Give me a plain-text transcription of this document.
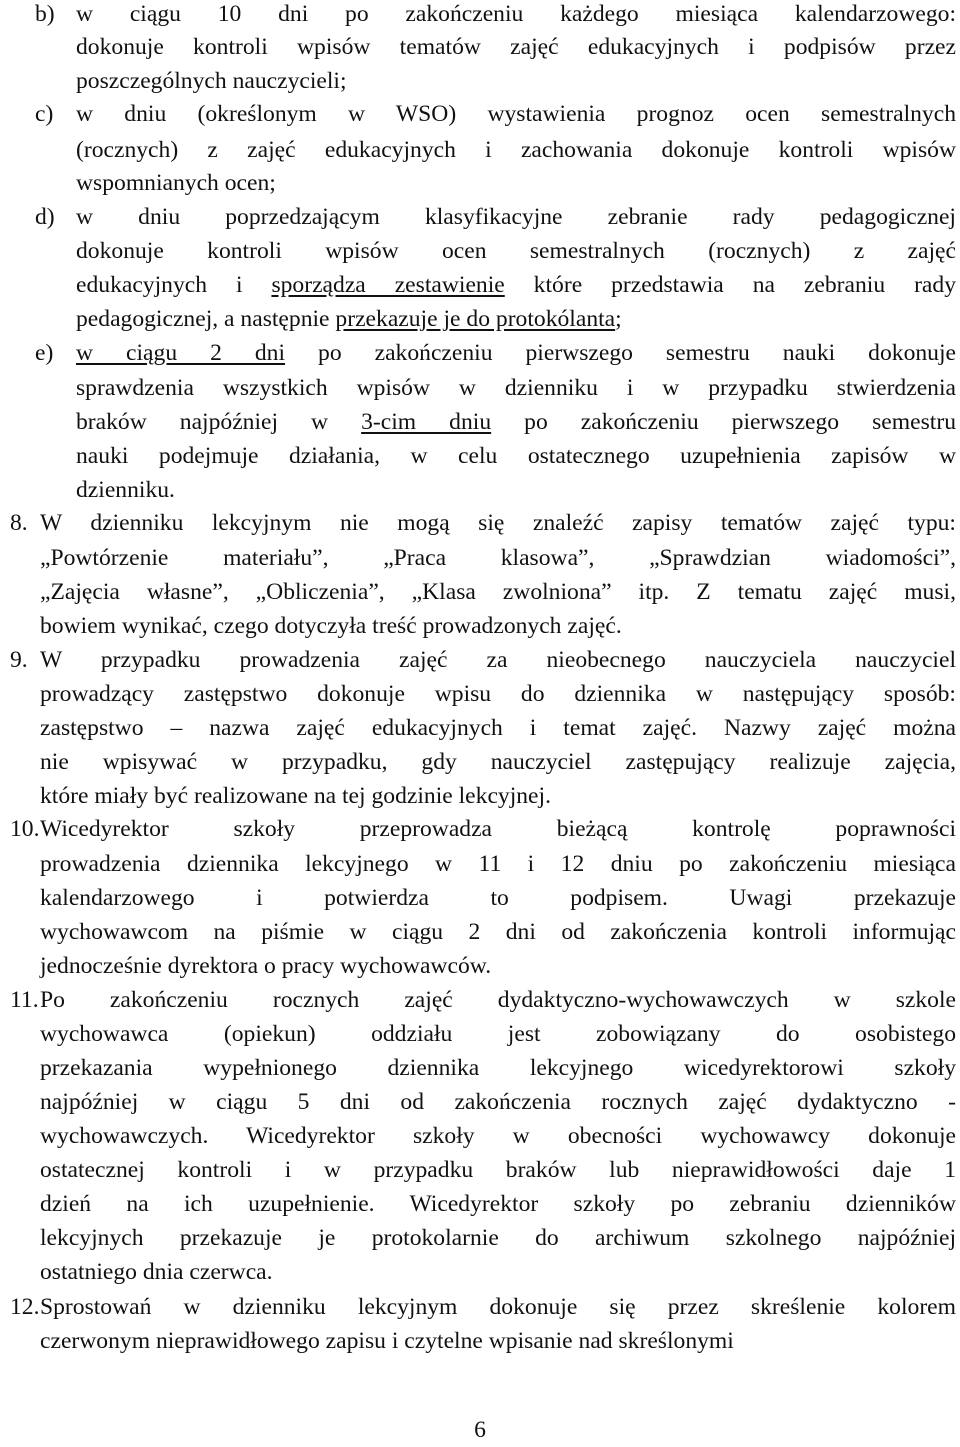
b) w ciągu 10 dni po zakończeniu każdego miesiąca kalendarzowego:
dokonuje kontroli wpisów tematów zajęć edukacyjnych i podpisów przez
poszczególnych nauczycieli;
c) w dniu (określonym w WSO) wystawienia prognoz ocen semestralnych
(rocznych) z zajęć edukacyjnych i zachowania dokonuje kontroli wpisów
wspomnianych ocen;
d) w dniu poprzedzającym klasyfikacyjne zebranie rady pedagogicznej
dokonuje kontroli wpisów ocen semestralnych (rocznych) z zajęć
edukacyjnych i sporządza zestawienie które przedstawia na zebraniu rady
pedagogicznej, a następnie przekazuje je do protokólanta;
e) w ciągu 2 dni po zakończeniu pierwszego semestru nauki dokonuje
sprawdzenia wszystkich wpisów w dzienniku i w przypadku stwierdzenia
braków najpóźniej w 3-cim dniu po zakończeniu pierwszego semestru
nauki podejmuje działania, w celu ostatecznego uzupełnienia zapisów w
dzienniku.
8. W dzienniku lekcyjnym nie mogą się znaleźć zapisy tematów zajęć typu:
„Powtórzenie materiału”, „Praca klasowa”, „Sprawdzian wiadomości”,
„Zajęcia własne”, „Obliczenia”, „Klasa zwolniona” itp. Z tematu zajęć musi,
bowiem wynikać, czego dotyczyła treść prowadzonych zajęć.
9. W przypadku prowadzenia zajęć za nieobecnego nauczyciela nauczyciel
prowadzący zastępstwo dokonuje wpisu do dziennika w następujący sposób:
zastępstwo – nazwa zajęć edukacyjnych i temat zajęć. Nazwy zajęć można
nie wpisywać w przypadku, gdy nauczyciel zastępujący realizuje zajęcia,
które miały być realizowane na tej godzinie lekcyjnej.
10. Wicedyrektor szkoły przeprowadza bieżącą kontrolę poprawności
prowadzenia dziennika lekcyjnego w 11 i 12 dniu po zakończeniu miesiąca
kalendarzowego i potwierdza to podpisem. Uwagi przekazuje
wychowawcom na piśmie w ciągu 2 dni od zakończenia kontroli informując
jednocześnie dyrektora o pracy wychowawców.
11. Po zakończeniu rocznych zajęć dydaktyczno-wychowawczych w szkole
wychowawca (opiekun) oddziału jest zobowiązany do osobistego
przekazania wypełnionego dziennika lekcyjnego wicedyrektorowi szkoły
najpóźniej w ciągu 5 dni od zakończenia rocznych zajęć dydaktyczno -
wychowawczych. Wicedyrektor szkoły w obecności wychowawcy dokonuje
ostatecznej kontroli i w przypadku braków lub nieprawidłowości daje 1
dzień na ich uzupełnienie. Wicedyrektor szkoły po zebraniu dzienników
lekcyjnych przekazuje je protokolarnie do archiwum szkolnego najpóźniej
ostatniego dnia czerwca.
12. Sprostowań w dzienniku lekcyjnym dokonuje się przez skreślenie kolorem
czerwonym nieprawidłowego zapisu i czytelne wpisanie nad skreślonymi
6
